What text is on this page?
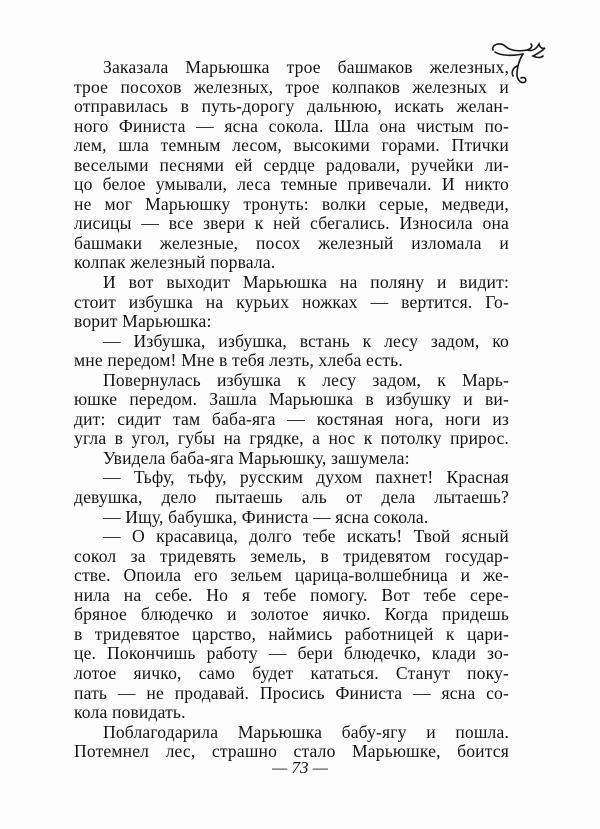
Заказала Марьюшка трое башмаков железных,
трое посохов железных, трое колпаков железных и
отправилась в путь-дорогу дальнюю, искать желан-
ного Финиста — ясна сокола. Шла она чистым по-
лем, шла темным лесом, высокими горами. Птички
веселыми песнями ей сердце радовали, ручейки ли-
цо белое умывали, леса темные привечали. И никто
не мог Марьюшку тронуть: волки серые, медведи,
лисицы — все звери к ней сбегались. Износила она
башмаки железные, посох железный изломала и
колпак железный порвала.
И вот выходит Марьюшка на поляну и видит:
стоит избушка на курьих ножках — вертится. Го-
ворит Марьюшка:
— Избушка, избушка, встань к лесу задом, ко
мне передом! Мне в тебя лезть, хлеба есть.
Повернулась избушка к лесу задом, к Марь-
юшке передом. Зашла Марьюшка в избушку и ви-
дит: сидит там баба-яга — костяная нога, ноги из
угла в угол, губы на грядке, а нос к потолку прирос.
Увидела баба-яга Марьюшку, зашумела:
— Тьфу, тьфу, русским духом пахнет! Красная
девушка, дело пытаешь аль от дела лытаешь?
— Ищу, бабушка, Финиста — ясна сокола.
— О красавица, долго тебе искать! Твой ясный
сокол за тридевять земель, в тридевятом государ-
стве. Опоила его зельем царица-волшебница и же-
нила на себе. Но я тебе помогу. Вот тебе сере-
бряное блюдечко и золотое яичко. Когда придешь
в тридевятое царство, наймись работницей к цари-
це. Покончишь работу — бери блюдечко, клади зо-
лотое яичко, само будет кататься. Станут поку-
пать — не продавай. Просись Финиста — ясна со-
кола повидать.
Поблагодарила Марьюшка бабу-ягу и пошла.
Потемнел лес, страшно стало Марьюшке, боится
— 73 —
